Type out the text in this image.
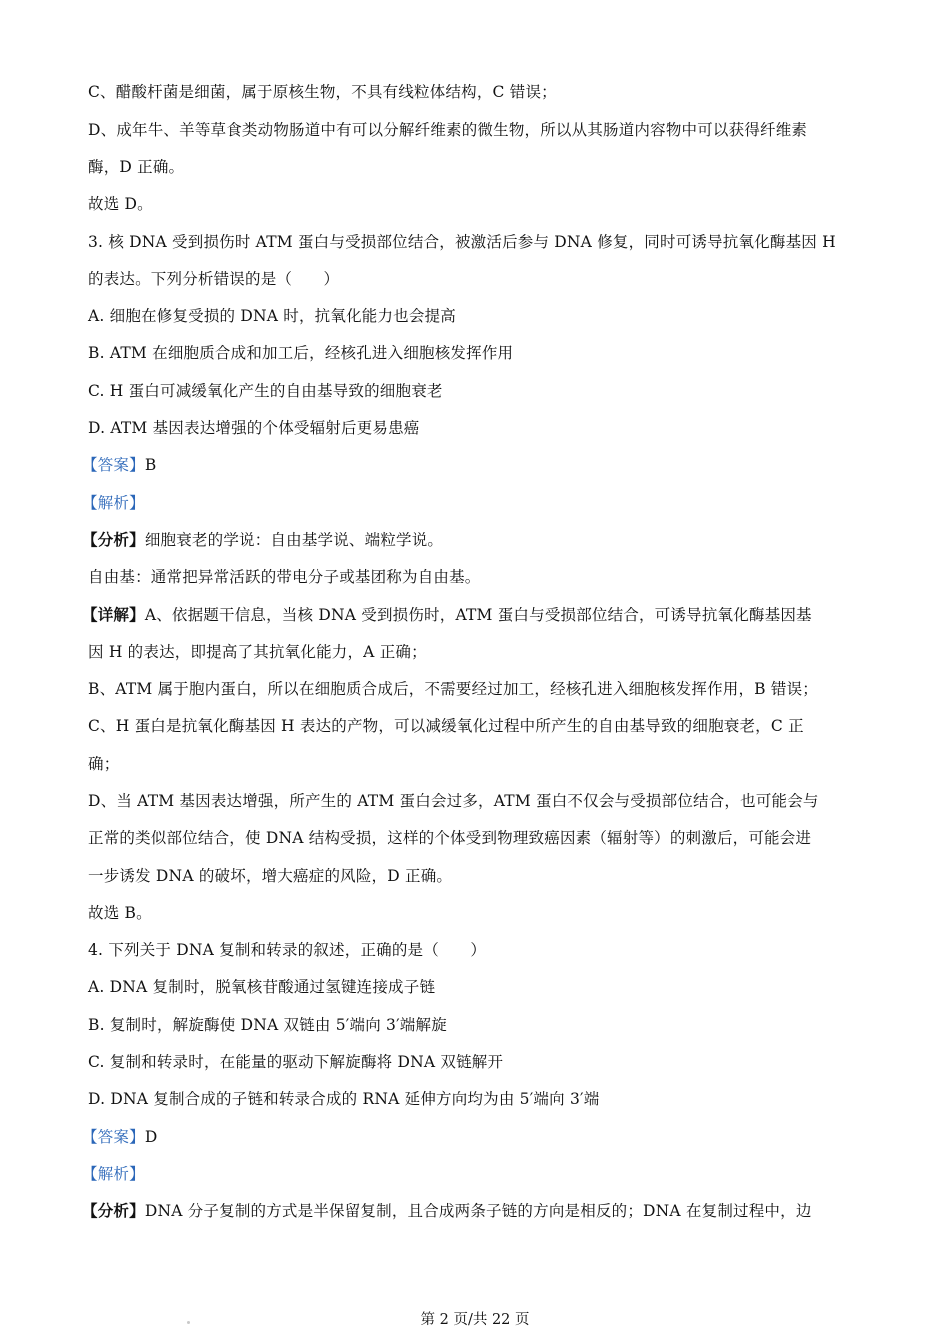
C、醋酸杆菌是细菌，属于原核生物，不具有线粒体结构，C 错误；
D、成年牛、羊等草食类动物肠道中有可以分解纤维素的微生物，所以从其肠道内容物中可以获得纤维素
酶，D 正确。
故选 D。
3. 核 DNA 受到损伤时 ATM 蛋白与受损部位结合，被激活后参与 DNA 修复，同时可诱导抗氧化酶基因 H
的表达。下列分析错误的是（　　）
A. 细胞在修复受损的 DNA 时，抗氧化能力也会提高
B. ATM 在细胞质合成和加工后，经核孔进入细胞核发挥作用
C. H 蛋白可减缓氧化产生的自由基导致的细胞衰老
D. ATM 基因表达增强的个体受辐射后更易患癌
【答案】B
【解析】
【分析】细胞衰老的学说：自由基学说、端粒学说。
自由基：通常把异常活跃的带电分子或基团称为自由基。
【详解】A、依据题干信息，当核 DNA 受到损伤时，ATM 蛋白与受损部位结合，可诱导抗氧化酶基因基
因 H 的表达，即提高了其抗氧化能力，A 正确；
B、ATM 属于胞内蛋白，所以在细胞质合成后，不需要经过加工，经核孔进入细胞核发挥作用，B 错误；
C、H 蛋白是抗氧化酶基因 H 表达的产物，可以减缓氧化过程中所产生的自由基导致的细胞衰老，C 正
确；
D、当 ATM 基因表达增强，所产生的 ATM 蛋白会过多，ATM 蛋白不仅会与受损部位结合，也可能会与
正常的类似部位结合，使 DNA 结构受损，这样的个体受到物理致癌因素（辐射等）的刺激后，可能会进
一步诱发 DNA 的破坏，增大癌症的风险，D 正确。
故选 B。
4. 下列关于 DNA 复制和转录的叙述，正确的是（　　）
A. DNA 复制时，脱氧核苷酸通过氢键连接成子链
B. 复制时，解旋酶使 DNA 双链由 5′端向 3′端解旋
C. 复制和转录时，在能量的驱动下解旋酶将 DNA 双链解开
D. DNA 复制合成的子链和转录合成的 RNA 延伸方向均为由 5′端向 3′端
【答案】D
【解析】
【分析】DNA 分子复制的方式是半保留复制，且合成两条子链的方向是相反的；DNA 在复制过程中，边
第 2 页/共 22 页
